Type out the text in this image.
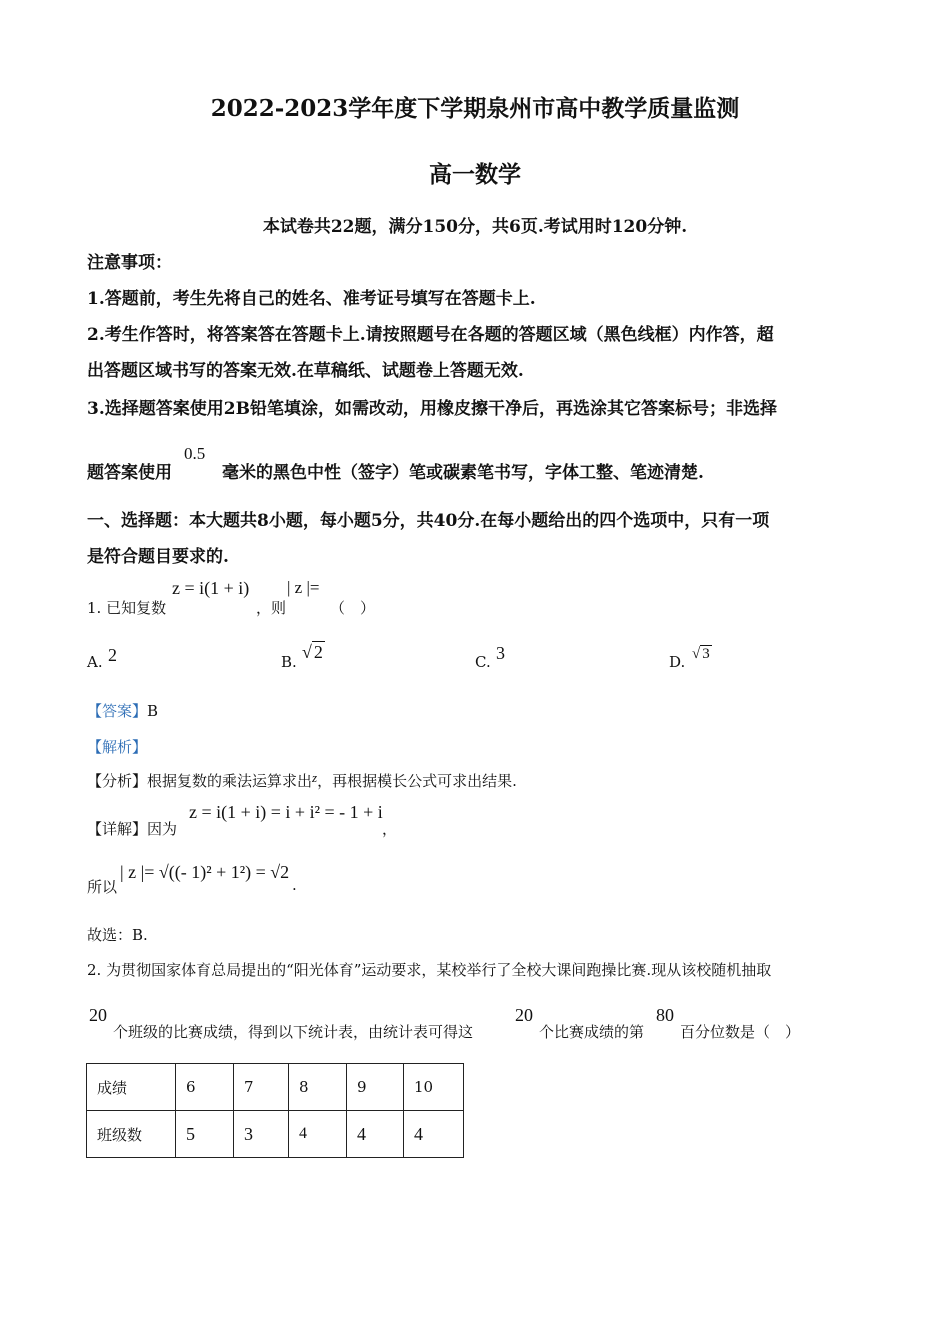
2022-2023学年度下学期泉州市高中教学质量监测
高一数学
本试卷共22题，满分150分，共6页.考试用时120分钟.
注意事项：
1.答题前，考生先将自己的姓名、准考证号填写在答题卡上.
2.考生作答时，将答案答在答题卡上.请按照题号在各题的答题区域（黑色线框）内作答，超
出答题区域书写的答案无效.在草稿纸、试题卷上答题无效.
3.选择题答案使用2B铅笔填涂，如需改动，用橡皮擦干净后，再选涂其它答案标号；非选择
题答案使用
0.5
毫米的黑色中性（签字）笔或碳素笔书写，字体工整、笔迹清楚.
一、选择题：本大题共8小题，每小题5分，共40分.在每小题给出的四个选项中，只有一项
是符合题目要求的.
1. 已知复数
z = i(1 + i)
，则
| z |=
（　）
A. 2	B. √ 2	C. 3	D. √ 3
【答案】B
【解析】
【分析】根据复数的乘法运算求出z，再根据模长公式可求出结果.
【详解】因为
z = i(1 + i) = i + i² = - 1 + i
，
所以
| z |= √((- 1)² + 1²) = √2
.
故选：B.
2. 为贯彻国家体育总局提出的“阳光体育”运动要求，某校举行了全校大课间跑操比赛.现从该校随机抽取
20
个班级的比赛成绩，得到以下统计表，由统计表可得这
20
个比赛成绩的第
80
百分位数是（　）
成绩	6	7	8	9	10
班级数	5	3	4	4	4
